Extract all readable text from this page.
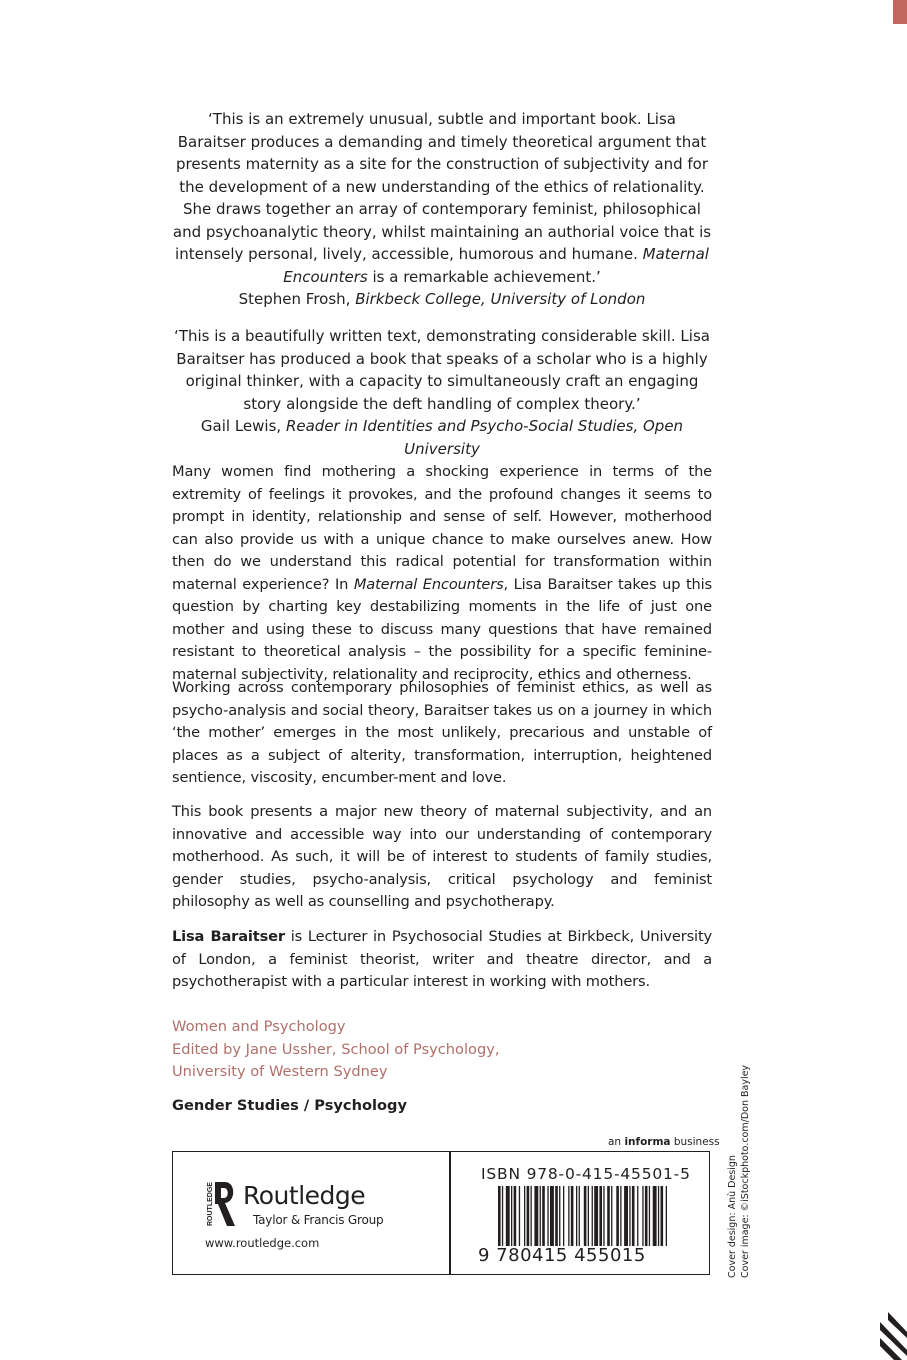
‘This is an extremely unusual, subtle and important book. Lisa Baraitser produces a demanding and timely theoretical argument that presents maternity as a site for the construction of subjectivity and for the development of a new understanding of the ethics of relationality. She draws together an array of contemporary feminist, philosophical and psychoanalytic theory, whilst maintaining an authorial voice that is intensely personal, lively, accessible, humorous and humane. Maternal Encounters is a remarkable achievement.’

Stephen Frosh, Birkbeck College, University of London

‘This is a beautifully written text, demonstrating considerable skill. Lisa Baraitser has produced a book that speaks of a scholar who is a highly original thinker, with a capacity to simultaneously craft an engaging story alongside the deft handling of complex theory.’

Gail Lewis, Reader in Identities and Psycho-Social Studies, Open University

Many women find mothering a shocking experience in terms of the extremity of feelings it provokes, and the profound changes it seems to prompt in identity, relationship and sense of self. However, motherhood can also provide us with a unique chance to make ourselves anew. How then do we understand this radical potential for transformation within maternal experience? In Maternal Encounters, Lisa Baraitser takes up this question by charting key destabilizing moments in the life of just one mother and using these to discuss many questions that have remained resistant to theoretical analysis – the possibility for a specific feminine-maternal subjectivity, relationality and reciprocity, ethics and otherness.

Working across contemporary philosophies of feminist ethics, as well as psycho-analysis and social theory, Baraitser takes us on a journey in which ‘the mother’ emerges in the most unlikely, precarious and unstable of places as a subject of alterity, transformation, interruption, heightened sentience, viscosity, encumber-ment and love.

This book presents a major new theory of maternal subjectivity, and an innovative and accessible way into our understanding of contemporary motherhood. As such, it will be of interest to students of family studies, gender studies, psycho-analysis, critical psychology and feminist philosophy as well as counselling and psychotherapy.

Lisa Baraitser is Lecturer in Psychosocial Studies at Birkbeck, University of London, a feminist theorist, writer and theatre director, and a psychotherapist with a particular interest in working with mothers.

Women and Psychology
Edited by Jane Ussher, School of Psychology,
University of Western Sydney
Gender Studies / Psychology
an informa business
Cover design: Anù Design Cover image: ©iStockphoto.com/Don Bayley
ROUTLEDGE Routledge
Taylor & Francis Group
www.routledge.com
ISBN 978-0-415-45501-5
9 780415 455015
